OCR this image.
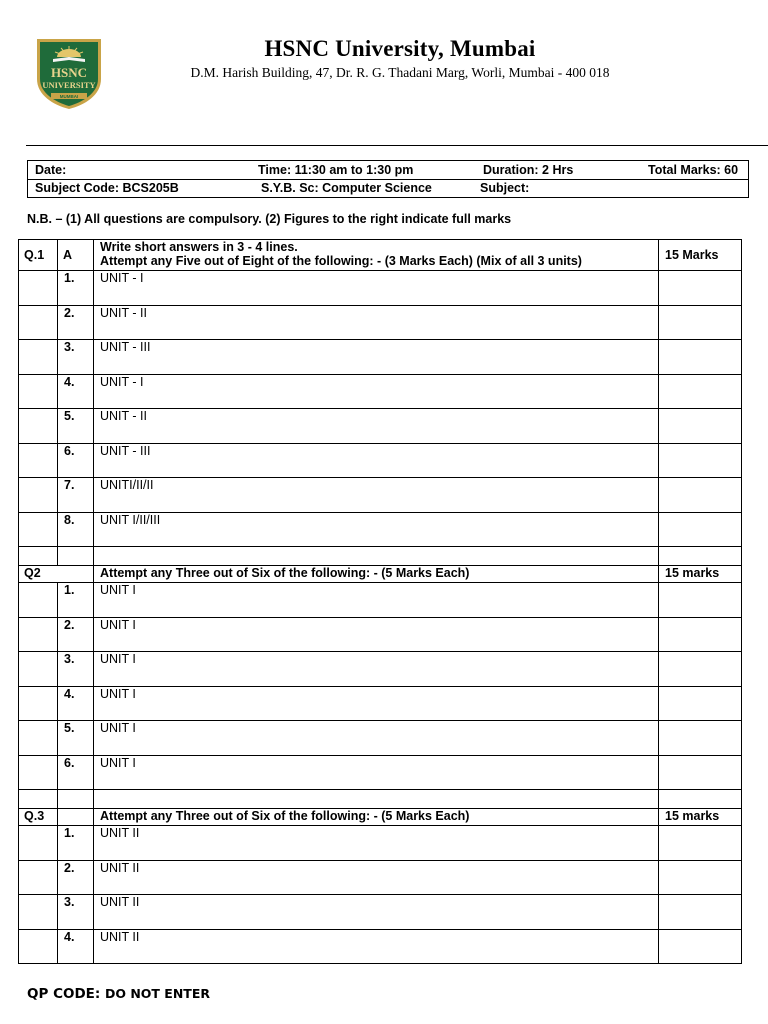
HSNC
UNIVERSITY
MUMBAI
HSNC University, Mumbai
D.M. Harish Building, 47, Dr. R. G. Thadani Marg, Worli, Mumbai - 400 018
Date:	Time: 11:30 am to 1:30 pm	Duration: 2 Hrs	Total Marks: 60
Subject Code: BCS205B	S.Y.B. Sc: Computer Science	Subject:
N.B. – (1) All questions are compulsory. (2) Figures to the right indicate full marks
Q.1	A	Write short answers in 3 - 4 lines.
Attempt any Five out of Eight of the following: - (3 Marks Each) (Mix of all 3 units)	15 Marks
	1.	UNIT - I	
	2.	UNIT - II	
	3.	UNIT - III	
	4.	UNIT - I	
	5.	UNIT - II	
	6.	UNIT - III	
	7.	UNITI/II/II	
	8.	UNIT I/II/III	

Q2		Attempt any Three out of Six of the following: - (5 Marks Each)	15 marks
	1.	UNIT I	
	2.	UNIT I	
	3.	UNIT I	
	4.	UNIT I	
	5.	UNIT I	
	6.	UNIT I	

Q.3		Attempt any Three out of Six of the following: - (5 Marks Each)	15 marks
	1.	UNIT II	
	2.	UNIT II	
	3.	UNIT II	
	4.	UNIT II	
QP CODE: DO NOT ENTER
